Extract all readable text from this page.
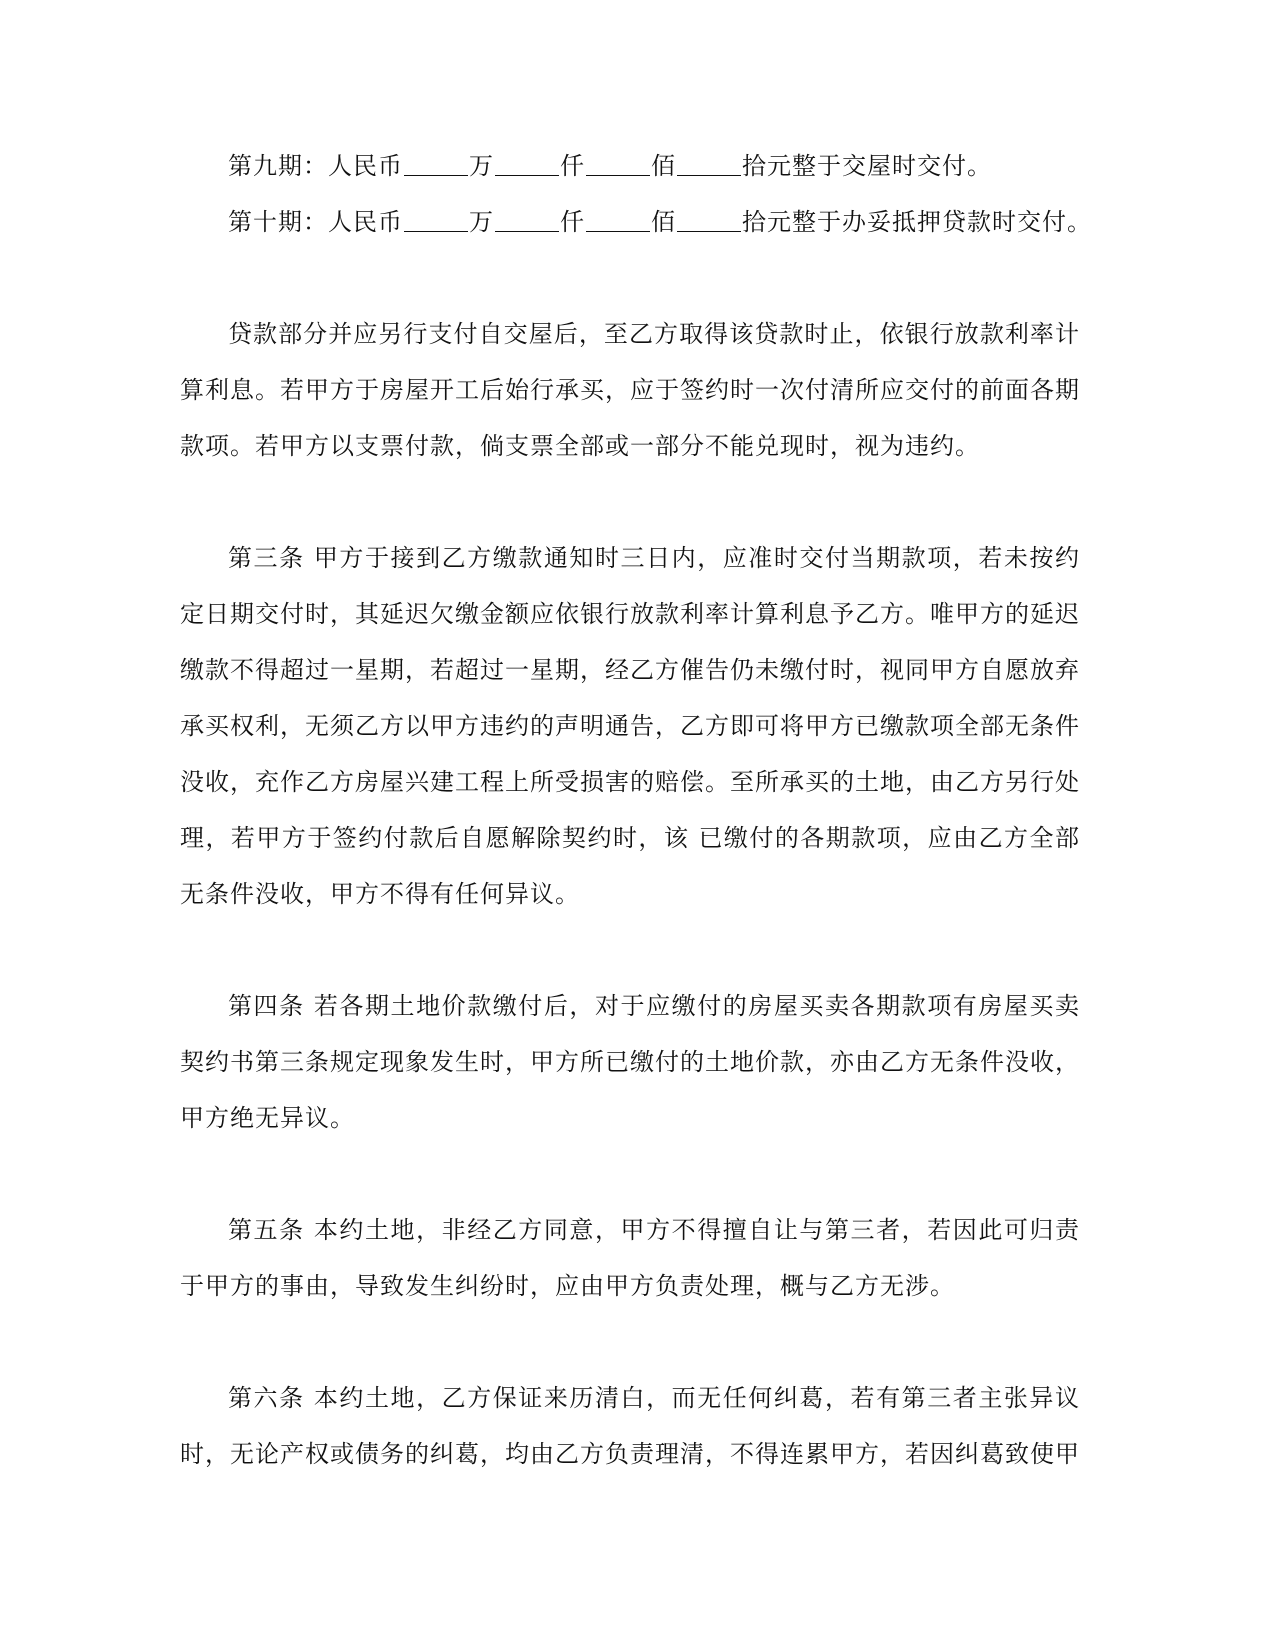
第九期：人民币	万	仟	佰	拾元整于交屋时交付。
第十期：人民币	万	仟	佰	拾元整于办妥抵押贷款时交付。

贷款部分并应另行支付自交屋后，至乙方取得该贷款时止，依银行放款利率计算利息。若甲方于房屋开工后始行承买，应于签约时一次付清所应交付的前面各期款项。若甲方以支票付款，倘支票全部或一部分不能兑现时，视为违约。

第三条 甲方于接到乙方缴款通知时三日内，应准时交付当期款项，若未按约定日期交付时，其延迟欠缴金额应依银行放款利率计算利息予乙方。唯甲方的延迟缴款不得超过一星期，若超过一星期，经乙方催告仍未缴付时，视同甲方自愿放弃承买权利，无须乙方以甲方违约的声明通告，乙方即可将甲方已缴款项全部无条件没收，充作乙方房屋兴建工程上所受损害的赔偿。至所承买的土地，由乙方另行处理，若甲方于签约付款后自愿解除契约时，该 已缴付的各期款项，应由乙方全部无条件没收，甲方不得有任何异议。

第四条 若各期土地价款缴付后，对于应缴付的房屋买卖各期款项有房屋买卖契约书第三条规定现象发生时，甲方所已缴付的土地价款，亦由乙方无条件没收，甲方绝无异议。

第五条 本约土地，非经乙方同意，甲方不得擅自让与第三者，若因此可归责于甲方的事由，导致发生纠纷时，应由甲方负责处理，概与乙方无涉。

第六条 本约土地，乙方保证来历清白，而无任何纠葛，若有第三者主张异议时，无论产权或债务的纠葛，均由乙方负责理清，不得连累甲方，若因纠葛致使甲
